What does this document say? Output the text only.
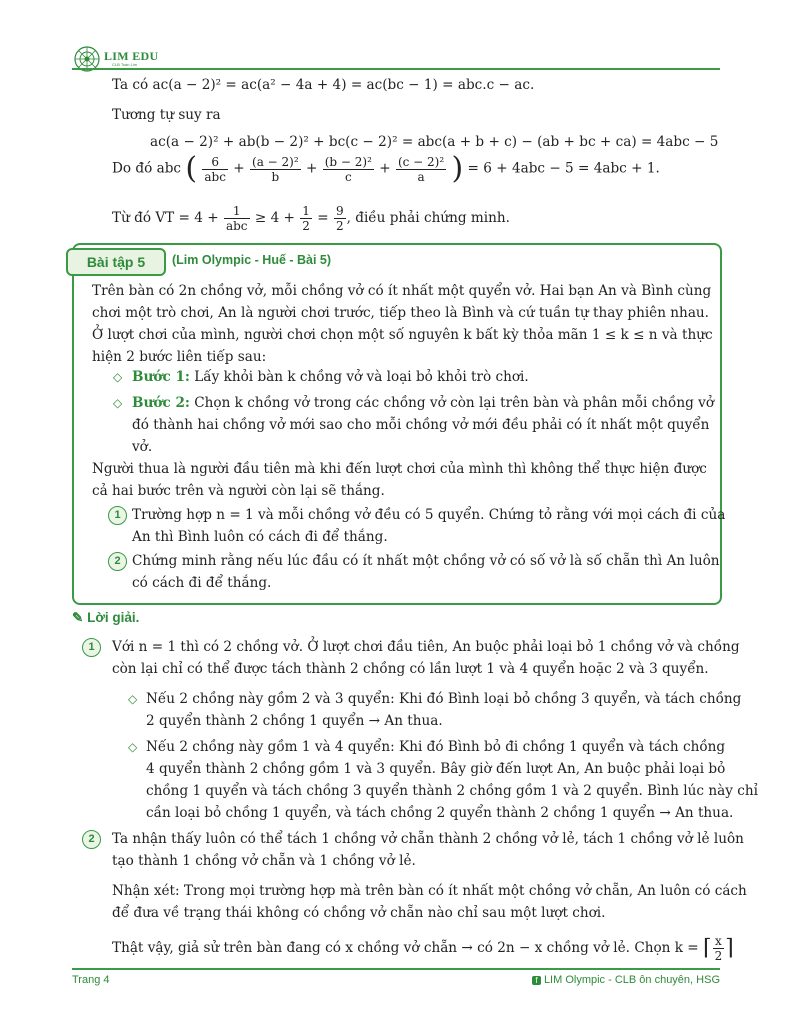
LIM EDU
CLB Toán Lim
Ta có ac(a − 2)² = ac(a² − 4a + 4) = ac(bc − 1) = abc.c − ac.
Tương tự suy ra
ac(a − 2)² + ab(b − 2)² + bc(c − 2)² = abc(a + b + c) − (ab + bc + ca) = 4abc − 5
Do đó abc ( $\frac{6}{\text{abc}} + \frac{\text{(a − 2)²}}{b} + \frac{\text{(b − 2)²}}{c} + \frac{\text{(c − 2)²}}{a}$ ) = 6 + 4abc − 5 = 4abc + 1.
Từ đó VT = $4 + \frac{1}{\text{abc}} \ge 4 + \frac{1}{2} = \frac{9}{2}$ , điều phải chứng minh.
Bài tập 5	(Lim Olympic - Huế - Bài 5)
Trên bàn có 2n chồng vở, mỗi chồng vở có ít nhất một quyển vở. Hai bạn An và Bình cùng
chơi một trò chơi, An là người chơi trước, tiếp theo là Bình và cứ tuần tự thay phiên nhau.
Ở lượt chơi của mình, người chơi chọn một số nguyên k bất kỳ thỏa mãn 1 ≤ k ≤ n và thực
hiện 2 bước liên tiếp sau:
◇ Bước 1: Lấy khỏi bàn k chồng vở và loại bỏ khỏi trò chơi.
◇ Bước 2: Chọn k chồng vở trong các chồng vở còn lại trên bàn và phân mỗi chồng vở
đó thành hai chồng vở mới sao cho mỗi chồng vở mới đều phải có ít nhất một quyển
vở.
Người thua là người đầu tiên mà khi đến lượt chơi của mình thì không thể thực hiện được
cả hai bước trên và người còn lại sẽ thắng.
1 Trường hợp n = 1 và mỗi chồng vở đều có 5 quyển. Chứng tỏ rằng với mọi cách đi của
An thì Bình luôn có cách đi để thắng.
2 Chứng minh rằng nếu lúc đầu có ít nhất một chồng vở có số vở là số chẵn thì An luôn
có cách đi để thắng.
✎ Lời giải.
1	Với n = 1 thì có 2 chồng vở. Ở lượt chơi đầu tiên, An buộc phải loại bỏ 1 chồng vở và chồng
còn lại chỉ có thể được tách thành 2 chồng có lần lượt 1 và 4 quyển hoặc 2 và 3 quyển.
◇ Nếu 2 chồng này gồm 2 và 3 quyển: Khi đó Bình loại bỏ chồng 3 quyển, và tách chồng
2 quyển thành 2 chồng 1 quyển → An thua.
◇ Nếu 2 chồng này gồm 1 và 4 quyển: Khi đó Bình bỏ đi chồng 1 quyển và tách chồng
4 quyển thành 2 chồng gồm 1 và 3 quyển. Bây giờ đến lượt An, An buộc phải loại bỏ
chồng 1 quyển và tách chồng 3 quyển thành 2 chồng gồm 1 và 2 quyển. Bình lúc này chỉ
cần loại bỏ chồng 1 quyển, và tách chồng 2 quyển thành 2 chồng 1 quyển → An thua.
2	Ta nhận thấy luôn có thể tách 1 chồng vở chẵn thành 2 chồng vở lẻ, tách 1 chồng vở lẻ luôn
tạo thành 1 chồng vở chẵn và 1 chồng vở lẻ.
Nhận xét: Trong mọi trường hợp mà trên bàn có ít nhất một chồng vở chẵn, An luôn có cách
để đưa về trạng thái không có chồng vở chẵn nào chỉ sau một lượt chơi.
Thật vậy, giả sử trên bàn đang có x chồng vở chẵn → có 2n − x chồng vở lẻ. Chọn k = ⌈ $\frac{x}{2}$ ⌉
Trang 4	f LIM Olympic - CLB ôn chuyên, HSG
